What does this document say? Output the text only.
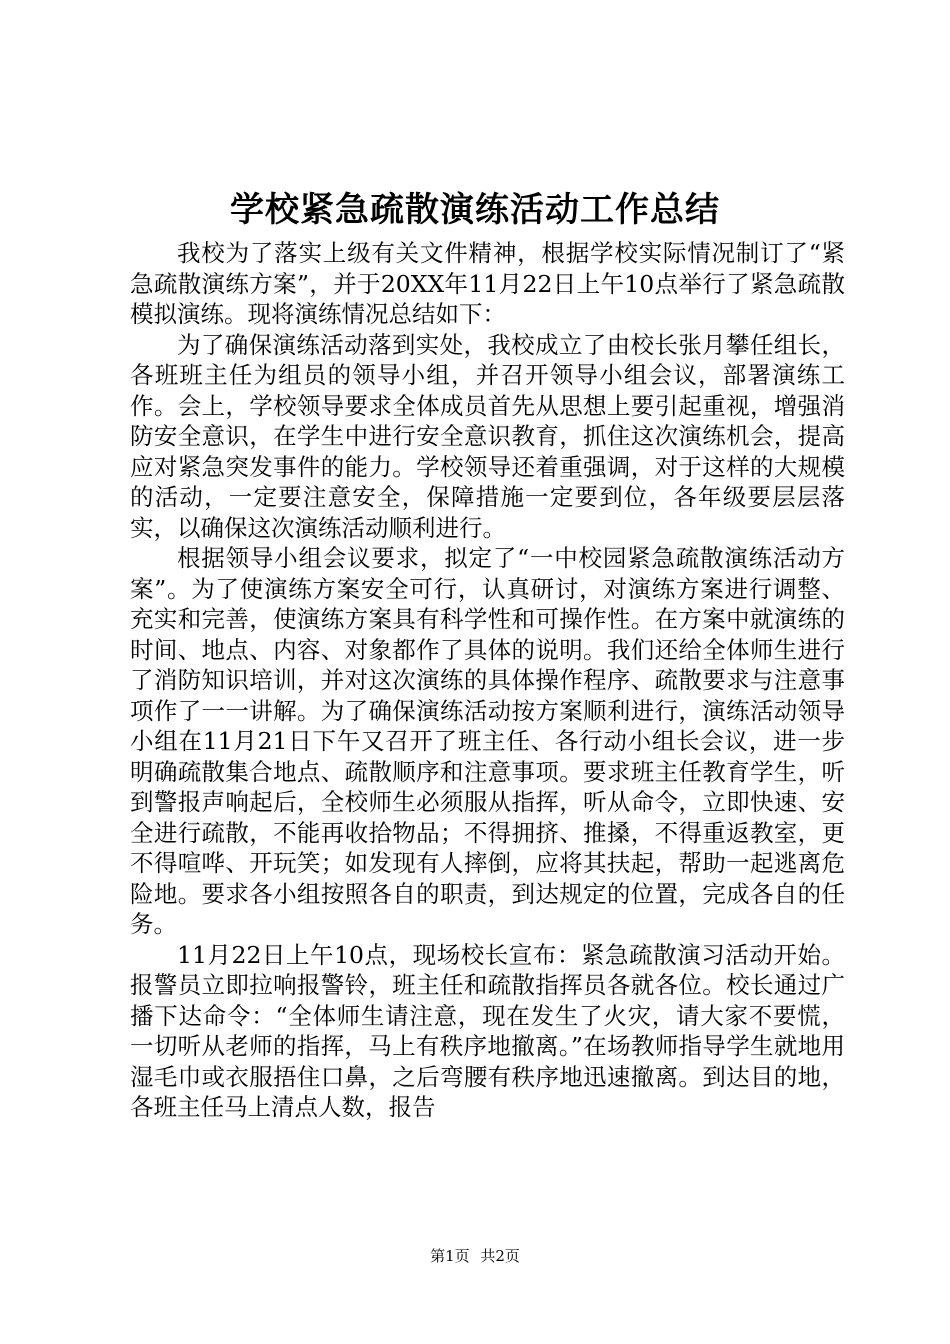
学校紧急疏散演练活动工作总结

我校为了落实上级有关文件精神，根据学校实际情况制订了“紧急疏散演练方案”，并于20XX年11月22日上午10点举行了紧急疏散模拟演练。现将演练情况总结如下：

为了确保演练活动落到实处，我校成立了由校长张月攀任组长，各班班主任为组员的领导小组，并召开领导小组会议，部署演练工作。会上，学校领导要求全体成员首先从思想上要引起重视，增强消防安全意识，在学生中进行安全意识教育，抓住这次演练机会，提高应对紧急突发事件的能力。学校领导还着重强调，对于这样的大规模的活动，一定要注意安全，保障措施一定要到位，各年级要层层落实，以确保这次演练活动顺利进行。

根据领导小组会议要求，拟定了“一中校园紧急疏散演练活动方案”。为了使演练方案安全可行，认真研讨，对演练方案进行调整、充实和完善，使演练方案具有科学性和可操作性。在方案中就演练的时间、地点、内容、对象都作了具体的说明。我们还给全体师生进行了消防知识培训，并对这次演练的具体操作程序、疏散要求与注意事项作了一一讲解。为了确保演练活动按方案顺利进行，演练活动领导小组在11月21日下午又召开了班主任、各行动小组长会议，进一步明确疏散集合地点、疏散顺序和注意事项。要求班主任教育学生，听到警报声响起后，全校师生必须服从指挥，听从命令，立即快速、安全进行疏散，不能再收拾物品；不得拥挤、推搡，不得重返教室，更不得喧哗、开玩笑；如发现有人摔倒，应将其扶起，帮助一起逃离危险地。要求各小组按照各自的职责，到达规定的位置，完成各自的任务。

11月22日上午10点，现场校长宣布：紧急疏散演习活动开始。报警员立即拉响报警铃，班主任和疏散指挥员各就各位。校长通过广播下达命令：“全体师生请注意，现在发生了火灾，请大家不要慌，一切听从老师的指挥，马上有秩序地撤离。”在场教师指导学生就地用湿毛巾或衣服捂住口鼻，之后弯腰有秩序地迅速撤离。到达目的地，各班主任马上清点人数，报告

第1页 共2页
